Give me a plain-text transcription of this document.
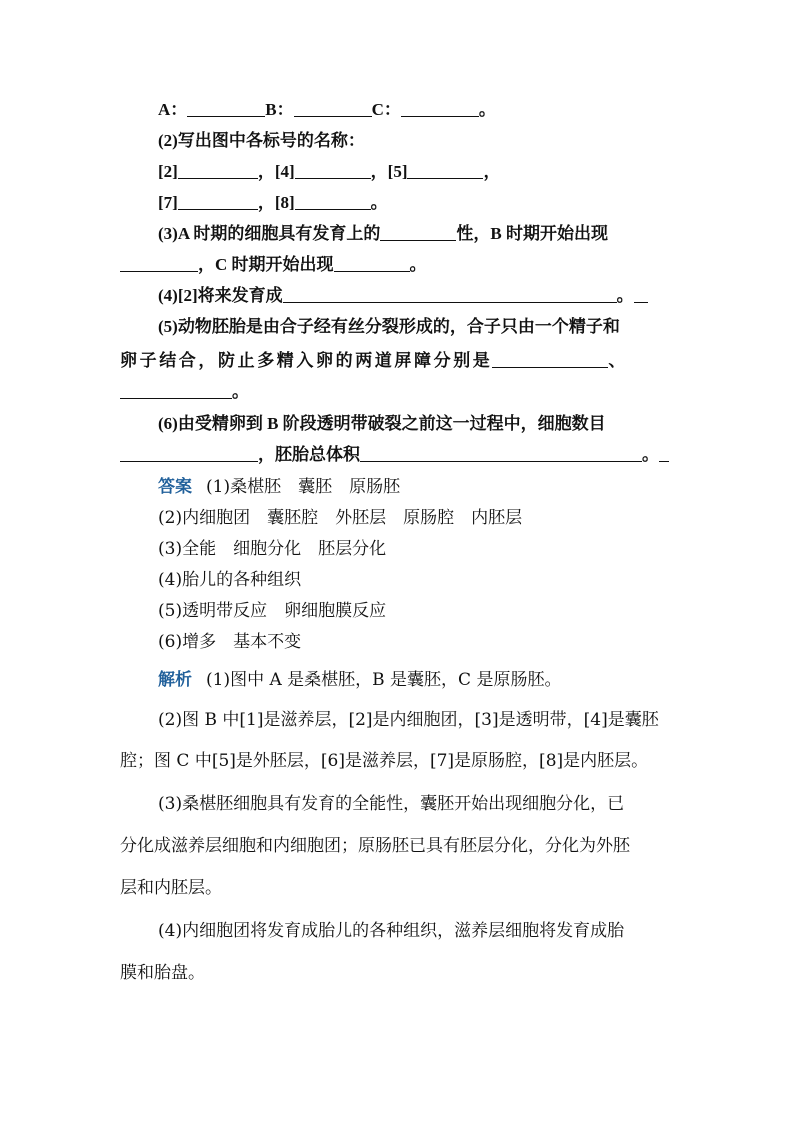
A：	B：	C：	。
(2)写出图中各标号的名称：
[2]	，[4]	，[5]	，
[7]	，[8]	。
(3)A 时期的细胞具有发育上的	性，B 时期开始出现
，C 时期开始出现	。
(4)[2]将来发育成	。
(5)动物胚胎是由合子经有丝分裂形成的，合子只由一个精子和
卵子结合，防止多精入卵的两道屏障分别是	、
。
(6)由受精卵到 B 阶段透明带破裂之前这一过程中，细胞数目
，胚胎总体积	。
答案 (1)桑椹胚　囊胚　原肠胚
(2)内细胞团　囊胚腔　外胚层　原肠腔　内胚层
(3)全能　细胞分化　胚层分化
(4)胎儿的各种组织
(5)透明带反应　卵细胞膜反应
(6)增多　基本不变
解析 (1)图中 A 是桑椹胚，B 是囊胚，C 是原肠胚。
(2)图 B 中[1]是滋养层，[2]是内细胞团，[3]是透明带，[4]是囊胚
腔；图 C 中[5]是外胚层，[6]是滋养层，[7]是原肠腔，[8]是内胚层。
(3)桑椹胚细胞具有发育的全能性，囊胚开始出现细胞分化，已
分化成滋养层细胞和内细胞团；原肠胚已具有胚层分化，分化为外胚
层和内胚层。
(4)内细胞团将发育成胎儿的各种组织，滋养层细胞将发育成胎
膜和胎盘。
